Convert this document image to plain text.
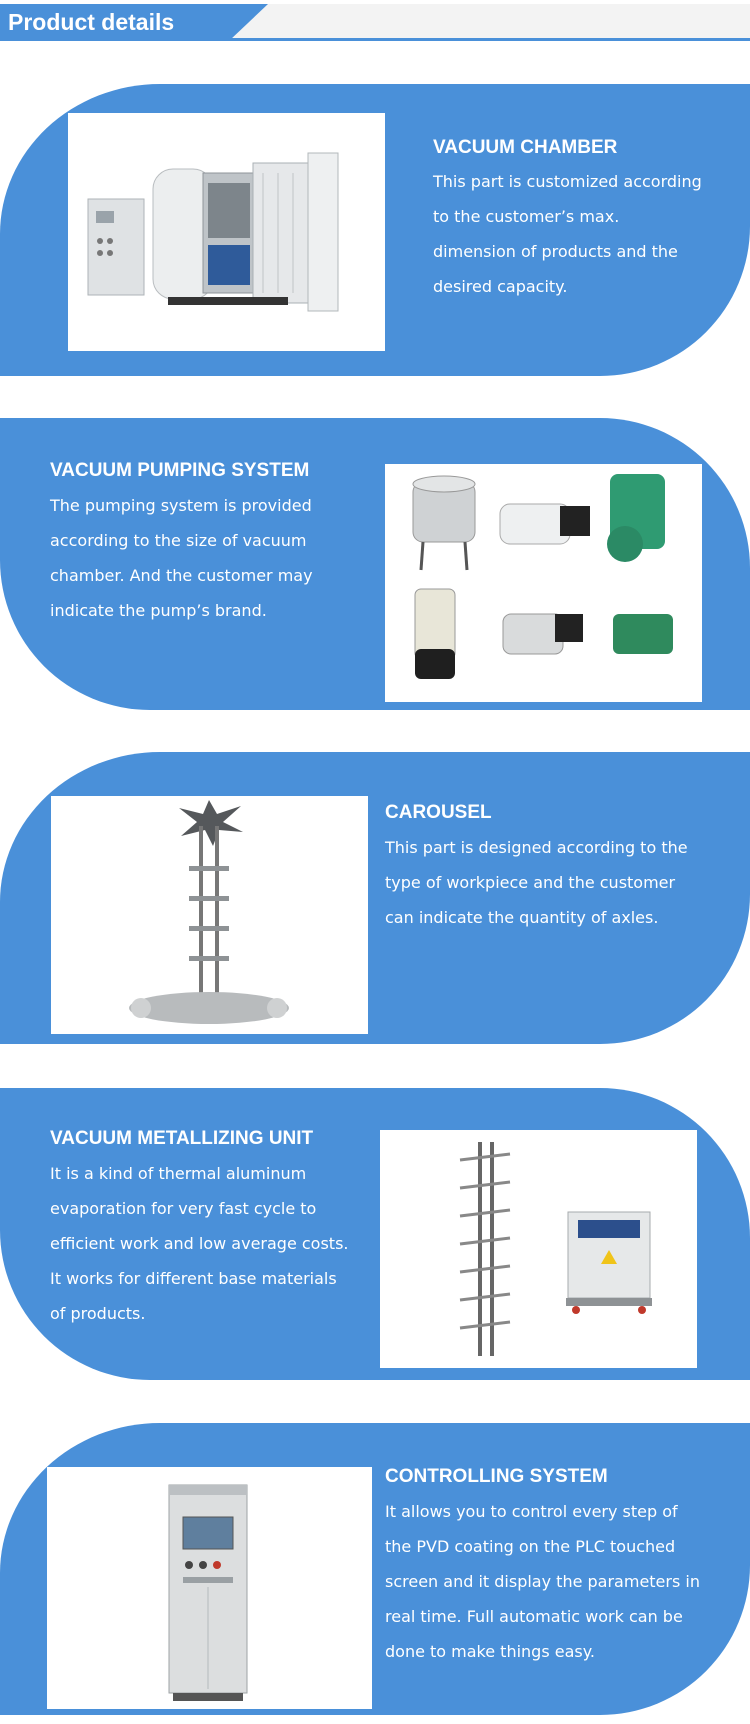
Product details
VACUUM CHAMBER
This part is customized according to the customer’s max. dimension of products and the desired capacity.
VACUUM PUMPING SYSTEM
The pumping system is provided according to the size of vacuum chamber. And the customer may indicate the pump’s brand.
CAROUSEL
This part is designed according to the type of workpiece and the customer can indicate the quantity of axles.
VACUUM METALLIZING UNIT
It is a kind of thermal aluminum evaporation for very fast cycle to efficient work and low average costs. It works for different base materials of products.
CONTROLLING SYSTEM
It allows you to control every step of the PVD coating on the PLC touched screen and it display the parameters in real time. Full automatic work can be done to make things easy.
